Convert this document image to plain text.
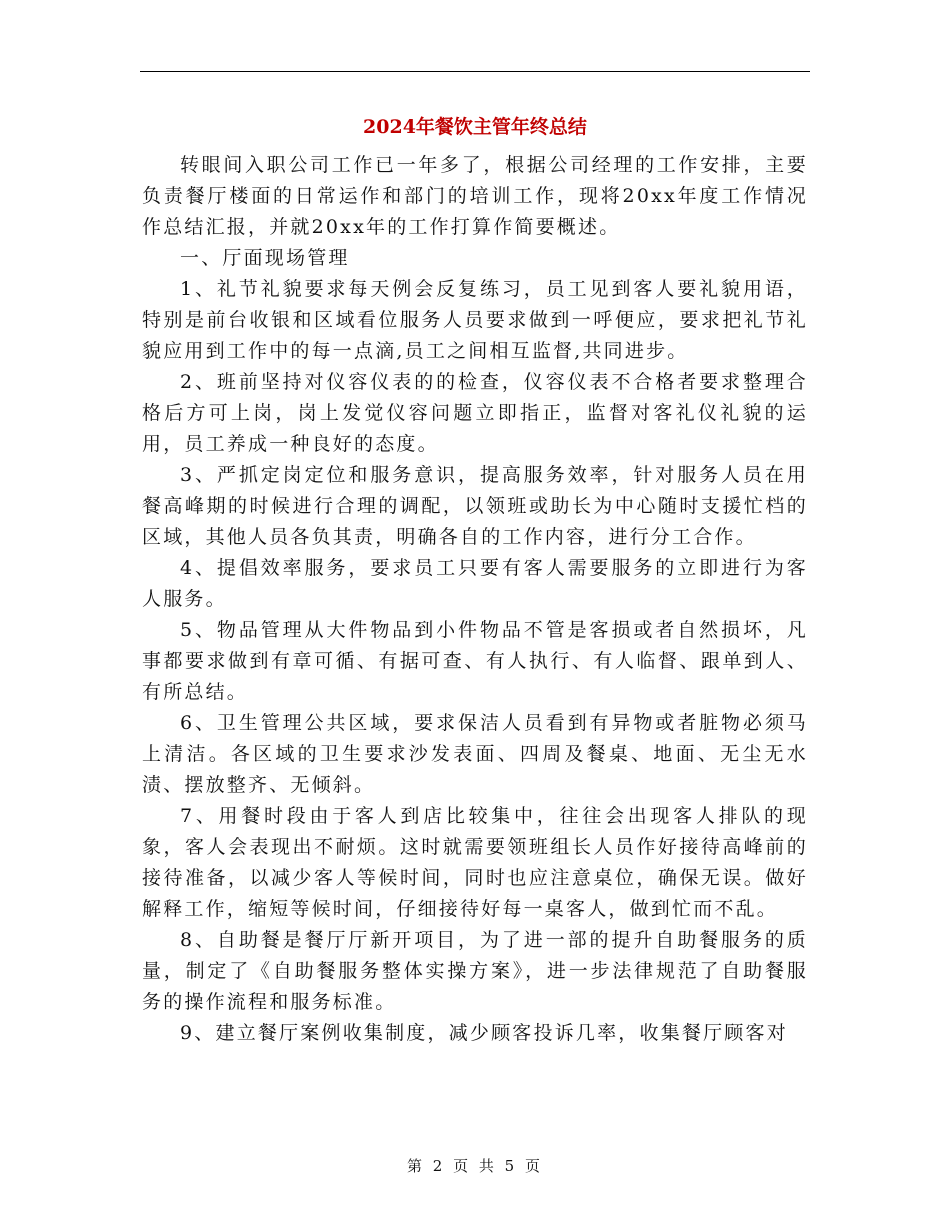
2024年餐饮主管年终总结

转眼间入职公司工作已一年多了，根据公司经理的工作安排，主要负责餐厅楼面的日常运作和部门的培训工作，现将20xx年度工作情况作总结汇报，并就20xx年的工作打算作简要概述。

一、厅面现场管理

1、礼节礼貌要求每天例会反复练习，员工见到客人要礼貌用语，特别是前台收银和区域看位服务人员要求做到一呼便应，要求把礼节礼貌应用到工作中的每一点滴,员工之间相互监督,共同进步。

2、班前坚持对仪容仪表的的检查，仪容仪表不合格者要求整理合格后方可上岗，岗上发觉仪容问题立即指正，监督对客礼仪礼貌的运用，员工养成一种良好的态度。

3、严抓定岗定位和服务意识，提高服务效率，针对服务人员在用餐高峰期的时候进行合理的调配，以领班或助长为中心随时支援忙档的区域，其他人员各负其责，明确各自的工作内容，进行分工合作。

4、提倡效率服务，要求员工只要有客人需要服务的立即进行为客人服务。

5、物品管理从大件物品到小件物品不管是客损或者自然损坏，凡事都要求做到有章可循、有据可查、有人执行、有人临督、跟单到人、有所总结。

6、卫生管理公共区域，要求保洁人员看到有异物或者脏物必须马上清洁。各区域的卫生要求沙发表面、四周及餐桌、地面、无尘无水渍、摆放整齐、无倾斜。

7、用餐时段由于客人到店比较集中，往往会出现客人排队的现象，客人会表现出不耐烦。这时就需要领班组长人员作好接待高峰前的接待准备，以减少客人等候时间，同时也应注意桌位，确保无误。做好解释工作，缩短等候时间，仔细接待好每一桌客人，做到忙而不乱。

8、自助餐是餐厅厅新开项目，为了进一部的提升自助餐服务的质量，制定了《自助餐服务整体实操方案》，进一步法律规范了自助餐服务的操作流程和服务标准。

9、建立餐厅案例收集制度，减少顾客投诉几率，收集餐厅顾客对

第 2 页 共 5 页
